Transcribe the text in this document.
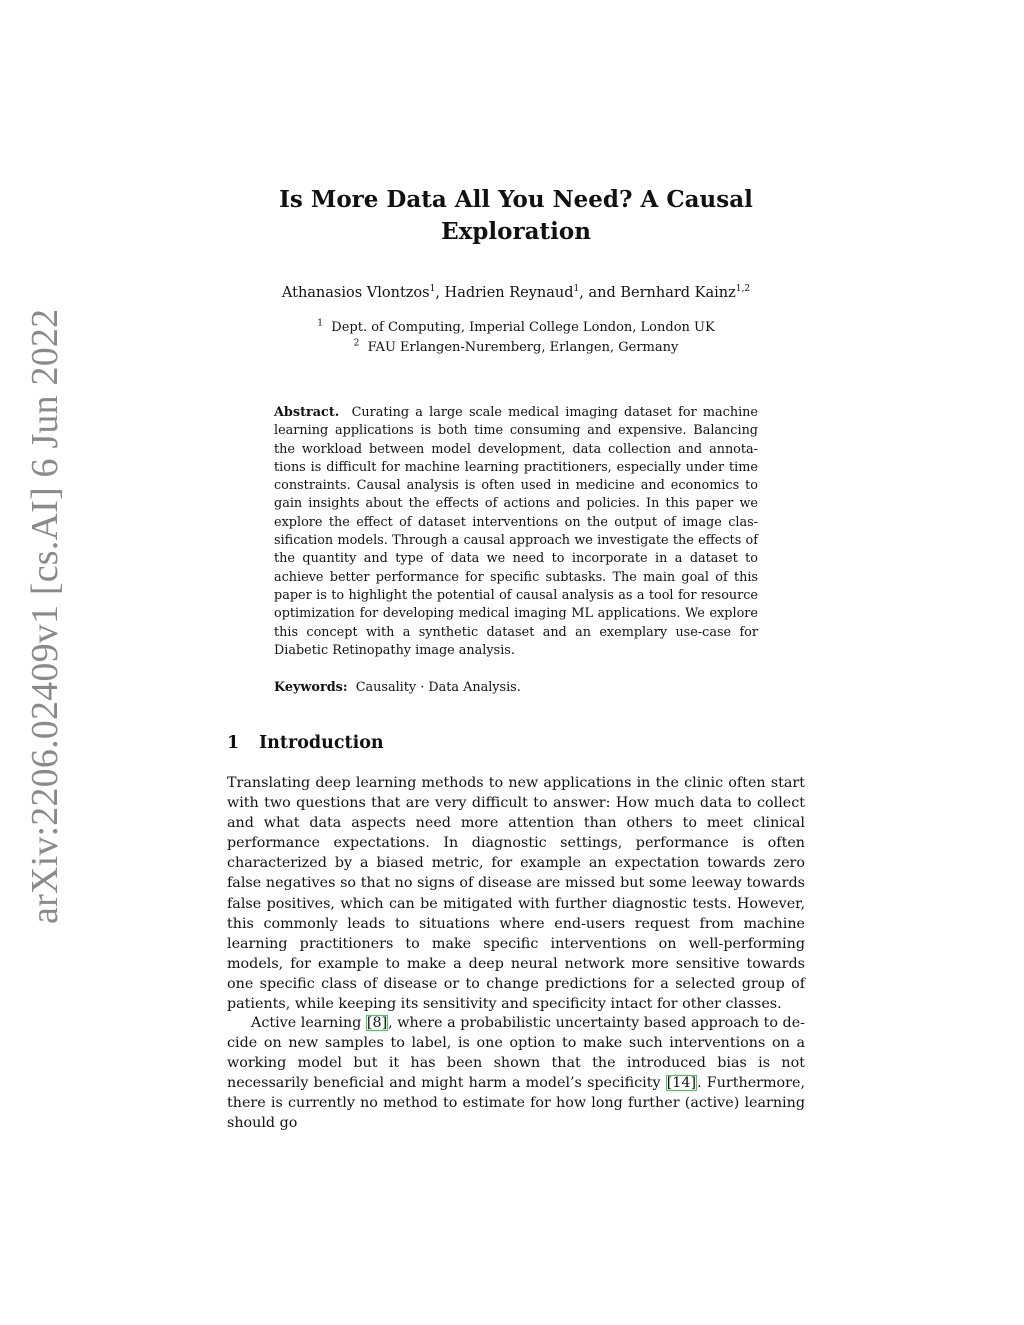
arXiv:2206.02409v1 [cs.AI] 6 Jun 2022
Is More Data All You Need? A Causal Exploration
Athanasios Vlontzos$^1$, Hadrien Reynaud$^1$, and Bernhard Kainz$^{1,2}$
$^1$ Dept. of Computing, Imperial College London, London UK
$^2$ FAU Erlangen-Nuremberg, Erlangen, Germany

Abstract. Curating a large scale medical imaging dataset for machine learning applications is both time consuming and expensive. Balancing the workload between model development, data collection and annotations is difficult for machine learning practitioners, especially under time constraints. Causal analysis is often used in medicine and economics to gain insights about the effects of actions and policies. In this paper we explore the effect of dataset interventions on the output of image classification models. Through a causal approach we investigate the effects of the quantity and type of data we need to incorporate in a dataset to achieve better performance for specific subtasks. The main goal of this paper is to highlight the potential of causal analysis as a tool for resource optimization for developing medical imaging ML applications. We explore this concept with a synthetic dataset and an exemplary use-case for Diabetic Retinopathy image analysis.

Keywords: Causality · Data Analysis.

1 Introduction

Translating deep learning methods to new applications in the clinic often start with two questions that are very difficult to answer: How much data to collect and what data aspects need more attention than others to meet clinical performance expectations. In diagnostic settings, performance is often characterized by a biased metric, for example an expectation towards zero false negatives so that no signs of disease are missed but some leeway towards false positives, which can be mitigated with further diagnostic tests. However, this commonly leads to situations where end-users request from machine learning practitioners to make specific interventions on well-performing models, for example to make a deep neural network more sensitive towards one specific class of disease or to change predictions for a selected group of patients, while keeping its sensitivity and specificity intact for other classes.

Active learning [8], where a probabilistic uncertainty based approach to decide on new samples to label, is one option to make such interventions on a working model but it has been shown that the introduced bias is not necessarily beneficial and might harm a model’s specificity [14]. Furthermore, there is currently no method to estimate for how long further (active) learning should go
